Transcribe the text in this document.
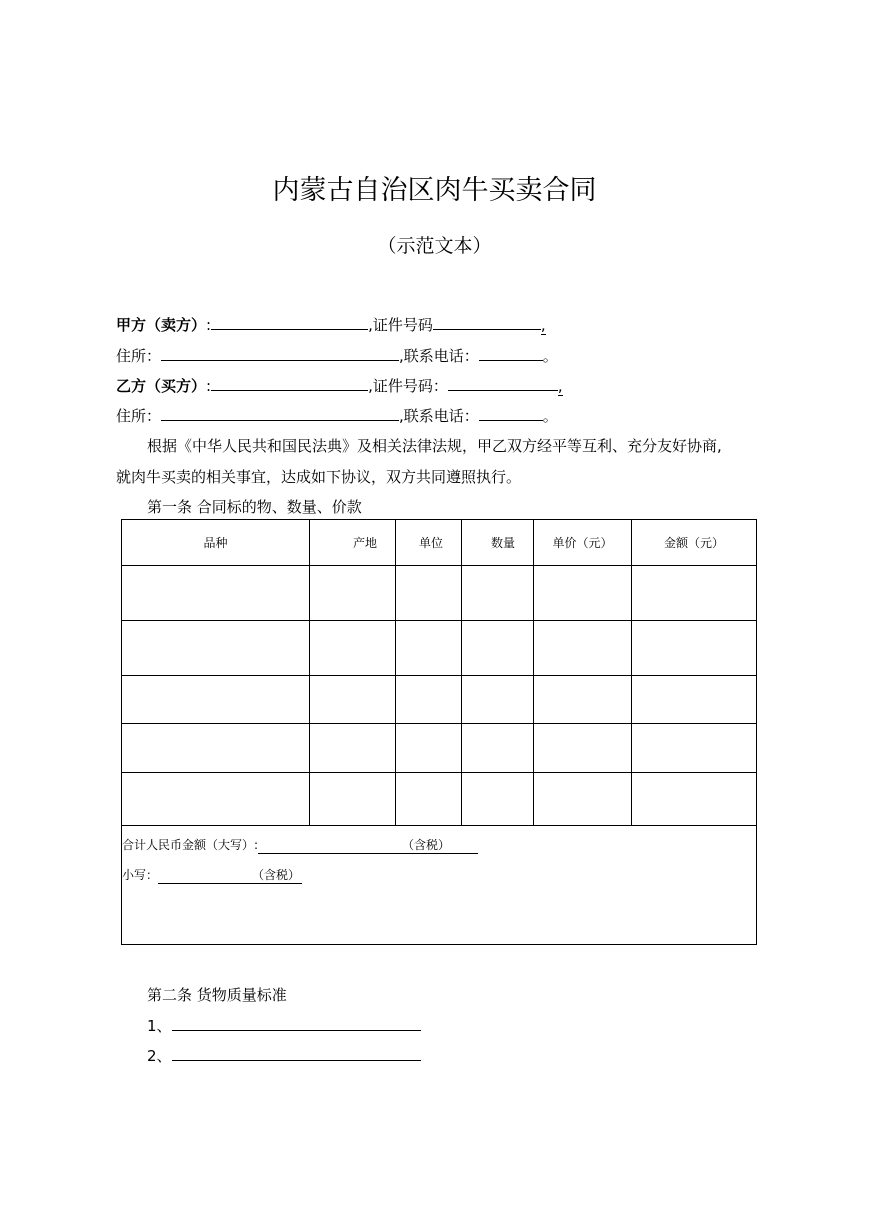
内蒙古自治区肉牛买卖合同
（示范文本）
甲方（卖方）:	,证件号码	,
住所：	,联系电话：	。
乙方（买方）:	,证件号码：	,
住所：	,联系电话：	。
根据《中华人民共和国民法典》及相关法律法规，甲乙双方经平等互利、充分友好协商,
就肉牛买卖的相关事宜，达成如下协议，双方共同遵照执行。
第一条 合同标的物、数量、价款
品种	产地	单位	数量	单价（元）	金额（元）

合计人民币金额（大写）: （含税）

小写： （含税）					

第二条 货物质量标准
1、
2、
